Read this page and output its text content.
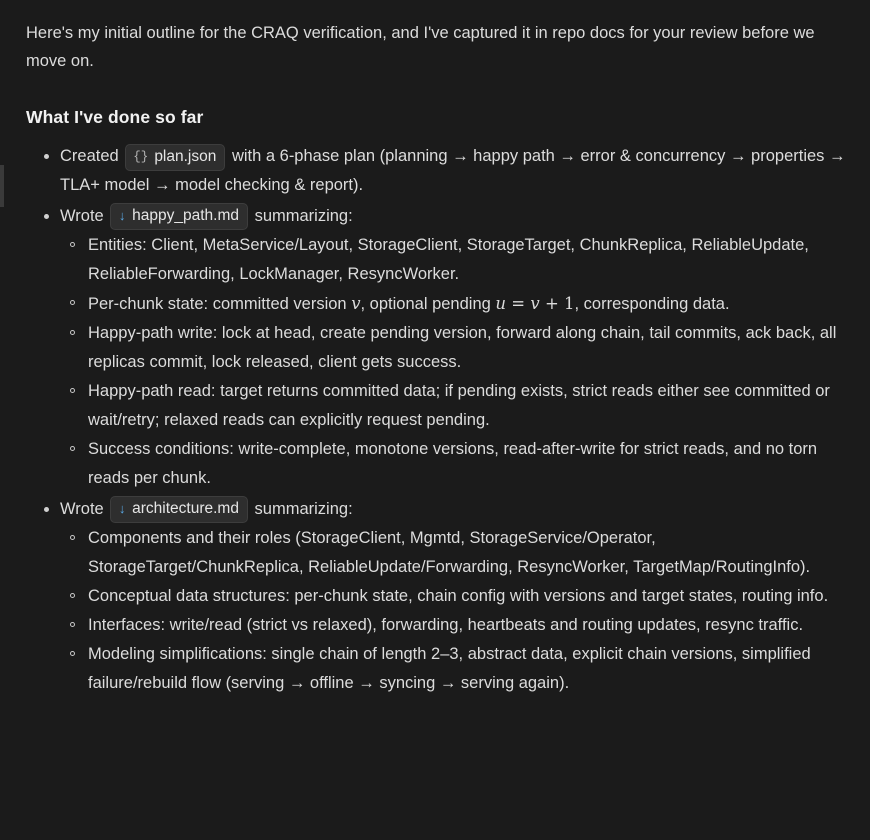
Here's my initial outline for the CRAQ verification, and I've captured it in repo docs for your review before we move on.

What I've done so far
Created {} plan.json with a 6-phase plan (planning → happy path → error & concurrency → properties → TLA+ model → model checking & report).
Wrote ↓ happy_path.md summarizing:
Entities: Client, MetaService/Layout, StorageClient, StorageTarget, ChunkReplica, ReliableUpdate, ReliableForwarding, LockManager, ResyncWorker.
Per-chunk state: committed version v, optional pending u = v + 1, corresponding data.
Happy-path write: lock at head, create pending version, forward along chain, tail commits, ack back, all replicas commit, lock released, client gets success.
Happy-path read: target returns committed data; if pending exists, strict reads either see committed or wait/retry; relaxed reads can explicitly request pending.
Success conditions: write-complete, monotone versions, read-after-write for strict reads, and no torn reads per chunk.
Wrote ↓ architecture.md summarizing:
Components and their roles (StorageClient, Mgmtd, StorageService/Operator, StorageTarget/ChunkReplica, ReliableUpdate/Forwarding, ResyncWorker, TargetMap/RoutingInfo).
Conceptual data structures: per-chunk state, chain config with versions and target states, routing info.
Interfaces: write/read (strict vs relaxed), forwarding, heartbeats and routing updates, resync traffic.
Modeling simplifications: single chain of length 2–3, abstract data, explicit chain versions, simplified failure/rebuild flow (serving → offline → syncing → serving again).
